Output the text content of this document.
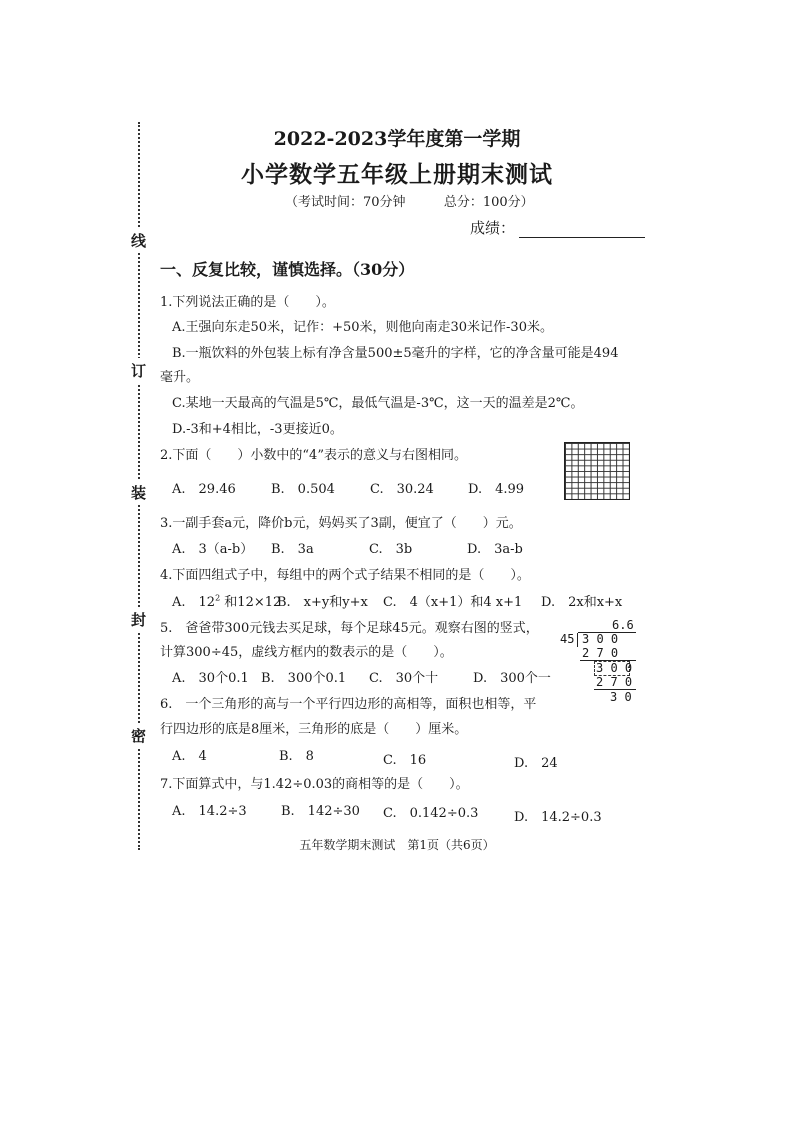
线
订
装
封
密
2022-2023学年度第一学期
小学数学五年级上册期末测试
（考试时间：70分钟	总分：100分）
成绩：
一、反复比较，谨慎选择。（30分）
1.下列说法正确的是（　　）。
A.王强向东走50米，记作：+50米，则他向南走30米记作-30米。
B.一瓶饮料的外包装上标有净含量500±5毫升的字样，它的净含量可能是494
毫升。
C.某地一天最高的气温是5℃，最低气温是-3℃，这一天的温差是2℃。
D.-3和+4相比，-3更接近0。
2.下面（　　）小数中的“4”表示的意义与右图相同。
A.　29.46	B.　0.504	C.　30.24	D.　4.99
3.一副手套a元，降价b元，妈妈买了3副，便宜了（　　）元。
A.　3（a-b） B.　3a	C.　3b	D.　3a-b
4.下面四组式子中，每组中的两个式子结果不相同的是（　　）。
A.　$12^2$ 和12×12
B.　x+y和y+x C.　4（x+1）和4 x+1 D.　2x和x+x
5.　爸爸带300元钱去买足球，每个足球45元。观察右图的竖式，
计算300÷45，虚线方框内的数表示的是（　　）。
A.　30个0.1 B.　300个0.1 C.　30个十	D.　300个一
6.6
45 3 0 0
2 7 0
3 0 0
2 7 0
3 0
6.　一个三角形的高与一个平行四边形的高相等，面积也相等，平
行四边形的底是8厘米，三角形的底是（　　）厘米。
A.　4	B.　8	C.　16	D.　24
7.下面算式中，与1.42÷0.03的商相等的是（　　）。
A.　14.2÷3	B.　142÷30 C.　0.142÷0.3	D.　14.2÷0.3
五年数学期末测试　第1页（共6页）
